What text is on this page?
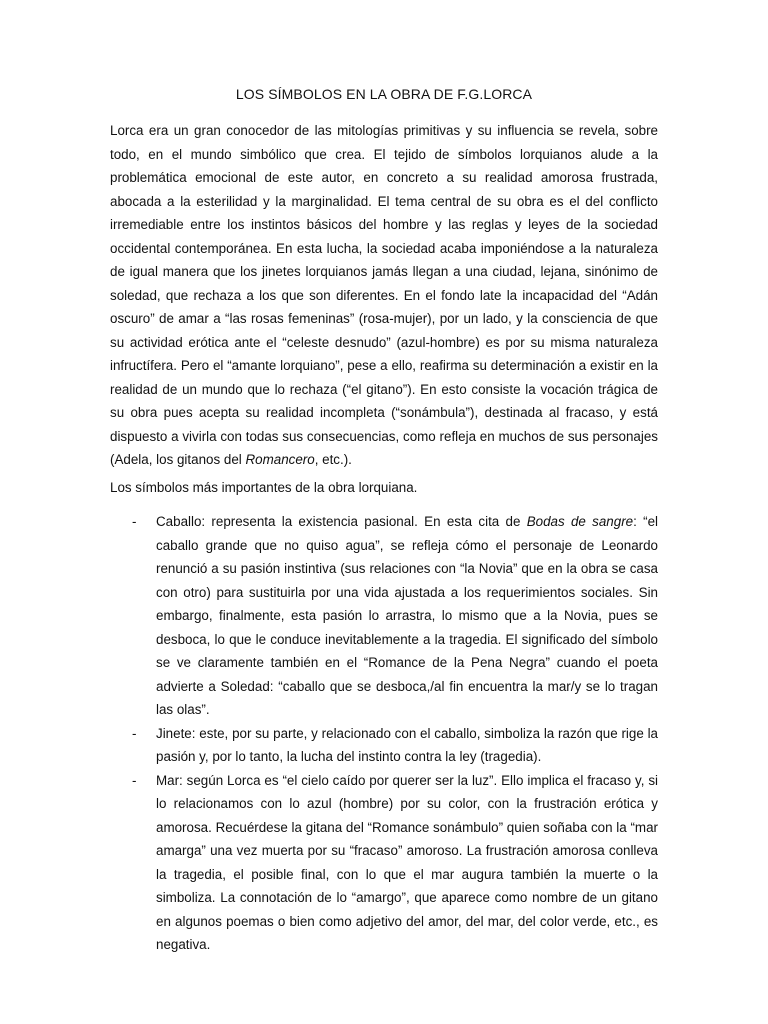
LOS SÍMBOLOS EN LA OBRA DE F.G.LORCA

Lorca era un gran conocedor de las mitologías primitivas y su influencia se revela, sobre todo, en el mundo simbólico que crea. El tejido de símbolos lorquianos alude a la problemática emocional de este autor, en concreto a su realidad amorosa frustrada, abocada a la esterilidad y la marginalidad. El tema central de su obra es el del conflicto irremediable entre los instintos básicos del hombre y las reglas y leyes de la sociedad occidental contemporánea. En esta lucha, la sociedad acaba imponiéndose a la naturaleza de igual manera que los jinetes lorquianos jamás llegan a una ciudad, lejana, sinónimo de soledad, que rechaza a los que son diferentes. En el fondo late la incapacidad del “Adán oscuro” de amar a “las rosas femeninas” (rosa-mujer), por un lado, y la consciencia de que su actividad erótica ante el “celeste desnudo” (azul-hombre) es por su misma naturaleza infructífera. Pero el “amante lorquiano”, pese a ello, reafirma su determinación a existir en la realidad de un mundo que lo rechaza (“el gitano”). En esto consiste la vocación trágica de su obra pues acepta su realidad incompleta (“sonámbula”), destinada al fracaso, y está dispuesto a vivirla con todas sus consecuencias, como refleja en muchos de sus personajes (Adela, los gitanos del Romancero, etc.).

Los símbolos más importantes de la obra lorquiana.

- Caballo: representa la existencia pasional. En esta cita de Bodas de sangre: “el caballo grande que no quiso agua”, se refleja cómo el personaje de Leonardo renunció a su pasión instintiva (sus relaciones con “la Novia” que en la obra se casa con otro) para sustituirla por una vida ajustada a los requerimientos sociales. Sin embargo, finalmente, esta pasión lo arrastra, lo mismo que a la Novia, pues se desboca, lo que le conduce inevitablemente a la tragedia. El significado del símbolo se ve claramente también en el “Romance de la Pena Negra” cuando el poeta advierte a Soledad: “caballo que se desboca,/al fin encuentra la mar/y se lo tragan las olas”.
- Jinete: este, por su parte, y relacionado con el caballo, simboliza la razón que rige la pasión y, por lo tanto, la lucha del instinto contra la ley (tragedia).
- Mar: según Lorca es “el cielo caído por querer ser la luz”. Ello implica el fracaso y, si lo relacionamos con lo azul (hombre) por su color, con la frustración erótica y amorosa. Recuérdese la gitana del “Romance sonámbulo” quien soñaba con la “mar amarga” una vez muerta por su “fracaso” amoroso. La frustración amorosa conlleva la tragedia, el posible final, con lo que el mar augura también la muerte o la simboliza. La connotación de lo “amargo”, que aparece como nombre de un gitano en algunos poemas o bien como adjetivo del amor, del mar, del color verde, etc., es negativa.
